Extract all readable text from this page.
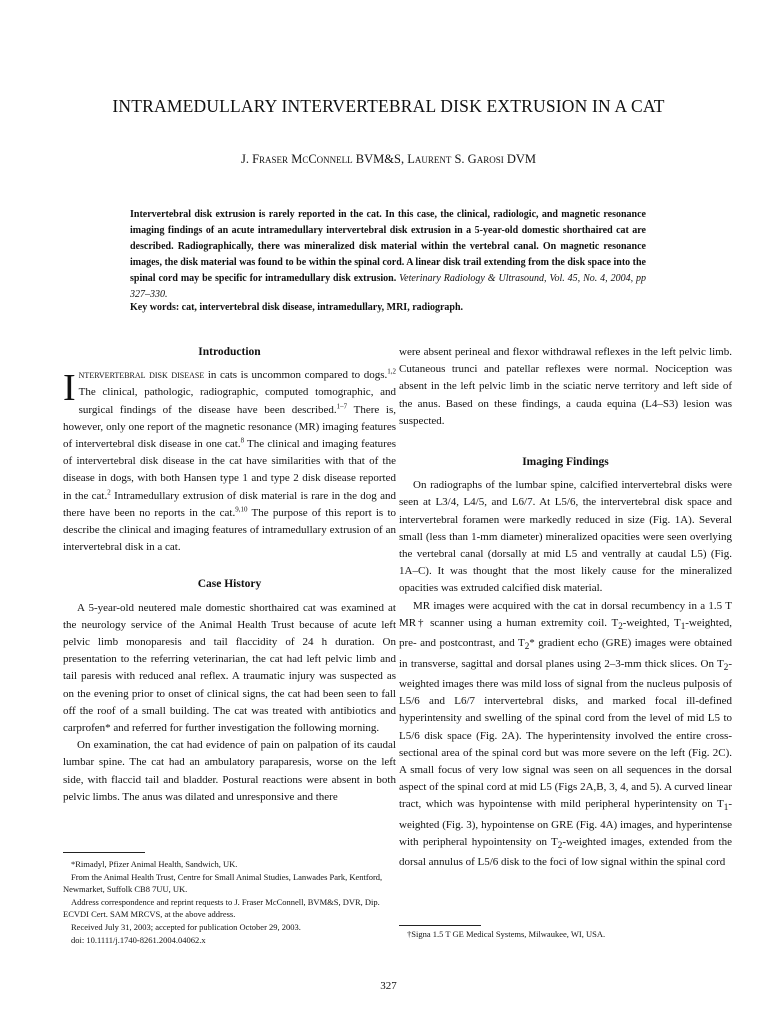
INTRAMEDULLARY INTERVERTEBRAL DISK EXTRUSION IN A CAT
J. Fraser McConnell BVM&S, Laurent S. Garosi DVM
Intervertebral disk extrusion is rarely reported in the cat. In this case, the clinical, radiologic, and magnetic resonance imaging findings of an acute intramedullary intervertebral disk extrusion in a 5-year-old domestic shorthaired cat are described. Radiographically, there was mineralized disk material within the vertebral canal. On magnetic resonance images, the disk material was found to be within the spinal cord. A linear disk trail extending from the disk space into the spinal cord may be specific for intramedullary disk extrusion. Veterinary Radiology & Ultrasound, Vol. 45, No. 4, 2004, pp 327–330.
Key words: cat, intervertebral disk disease, intramedullary, MRI, radiograph.
Introduction

Intervertebral disk disease in cats is uncommon compared to dogs.$^{1,2}$ The clinical, pathologic, radiographic, computed tomographic, and surgical findings of the disease have been described.$^{1-7}$ There is, however, only one report of the magnetic resonance (MR) imaging features of intervertebral disk disease in one cat.$^8$ The clinical and imaging features of intervertebral disk disease in the cat have similarities with that of the disease in dogs, with both Hansen type 1 and type 2 disk disease reported in the cat.$^2$ Intramedullary extrusion of disk material is rare in the dog and there have been no reports in the cat.$^{9,10}$ The purpose of this report is to describe the clinical and imaging features of intramedullary extrusion of an intervertebral disk in a cat.

Case History

A 5-year-old neutered male domestic shorthaired cat was examined at the neurology service of the Animal Health Trust because of acute left pelvic limb monoparesis and tail flaccidity of 24 h duration. On presentation to the referring veterinarian, the cat had left pelvic limb and tail paresis with reduced anal reflex. A traumatic injury was suspected as on the evening prior to onset of clinical signs, the cat had been seen to fall off the roof of a small building. The cat was treated with antibiotics and carprofen* and referred for further investigation the following morning.

On examination, the cat had evidence of pain on palpation of its caudal lumbar spine. The cat had an ambulatory paraparesis, worse on the left side, with flaccid tail and bladder. Postural reactions were absent in both pelvic limbs. The anus was dilated and unresponsive and there

were absent perineal and flexor withdrawal reflexes in the left pelvic limb. Cutaneous trunci and patellar reflexes were normal. Nociception was absent in the left pelvic limb in the sciatic nerve territory and left side of the anus. Based on these findings, a cauda equina (L4–S3) lesion was suspected.

Imaging Findings

On radiographs of the lumbar spine, calcified intervertebral disks were seen at L3/4, L4/5, and L6/7. At L5/6, the intervertebral disk space and intervertebral foramen were markedly reduced in size (Fig. 1A). Several small (less than 1-mm diameter) mineralized opacities were seen overlying the vertebral canal (dorsally at mid L5 and ventrally at caudal L5) (Fig. 1A–C). It was thought that the most likely cause for the mineralized opacities was extruded calcified disk material.

MR images were acquired with the cat in dorsal recumbency in a 1.5 T MR† scanner using a human extremity coil. $T_2$-weighted, $T_1$-weighted, pre- and postcontrast, and $T_2*$ gradient echo (GRE) images were obtained in transverse, sagittal and dorsal planes using 2–3-mm thick slices. On $T_2$-weighted images there was mild loss of signal from the nucleus pulposis of L5/6 and L6/7 intervertebral disks, and marked focal ill-defined hyperintensity and swelling of the spinal cord from the level of mid L5 to L5/6 disk space (Fig. 2A). The hyperintensity involved the entire cross-sectional area of the spinal cord but was more severe on the left (Fig. 2C). A small focus of very low signal was seen on all sequences in the dorsal aspect of the spinal cord at mid L5 (Figs 2A,B, 3, 4, and 5). A curved linear tract, which was hypointense with mild peripheral hyperintensity on $T_1$-weighted (Fig. 3), hypointense on GRE (Fig. 4A) images, and hyperintense with peripheral hypointensity on $T_2$-weighted images, extended from the dorsal annulus of L5/6 disk to the foci of low signal within the spinal cord

*Rimadyl, Pfizer Animal Health, Sandwich, UK.

From the Animal Health Trust, Centre for Small Animal Studies, Lanwades Park, Kentford, Newmarket, Suffolk CB8 7UU, UK.

Address correspondence and reprint requests to J. Fraser McConnell, BVM&S, DVR, Dip. ECVDI Cert. SAM MRCVS, at the above address.

Received July 31, 2003; accepted for publication October 29, 2003.

doi: 10.1111/j.1740-8261.2004.04062.x

†Signa 1.5 T GE Medical Systems, Milwaukee, WI, USA.
327
